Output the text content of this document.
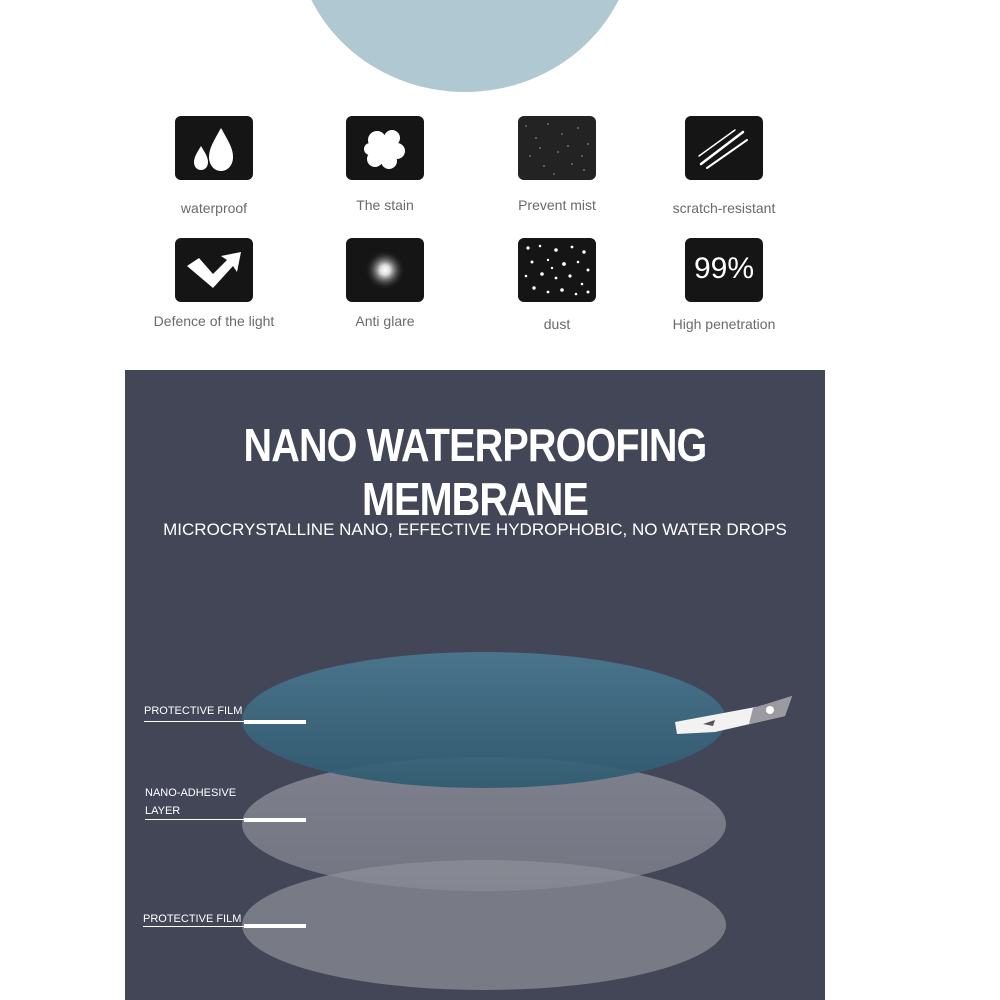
waterproof	The stain	Prevent mist	scratch-resistant
Defence of the light	Anti glare	dust
99%
High penetration
NANO WATERPROOFING MEMBRANE
MICROCRYSTALLINE NANO, EFFECTIVE HYDROPHOBIC, NO WATER DROPS
PROTECTIVE FILM
NANO-ADHESIVE
LAYER
PROTECTIVE FILM
